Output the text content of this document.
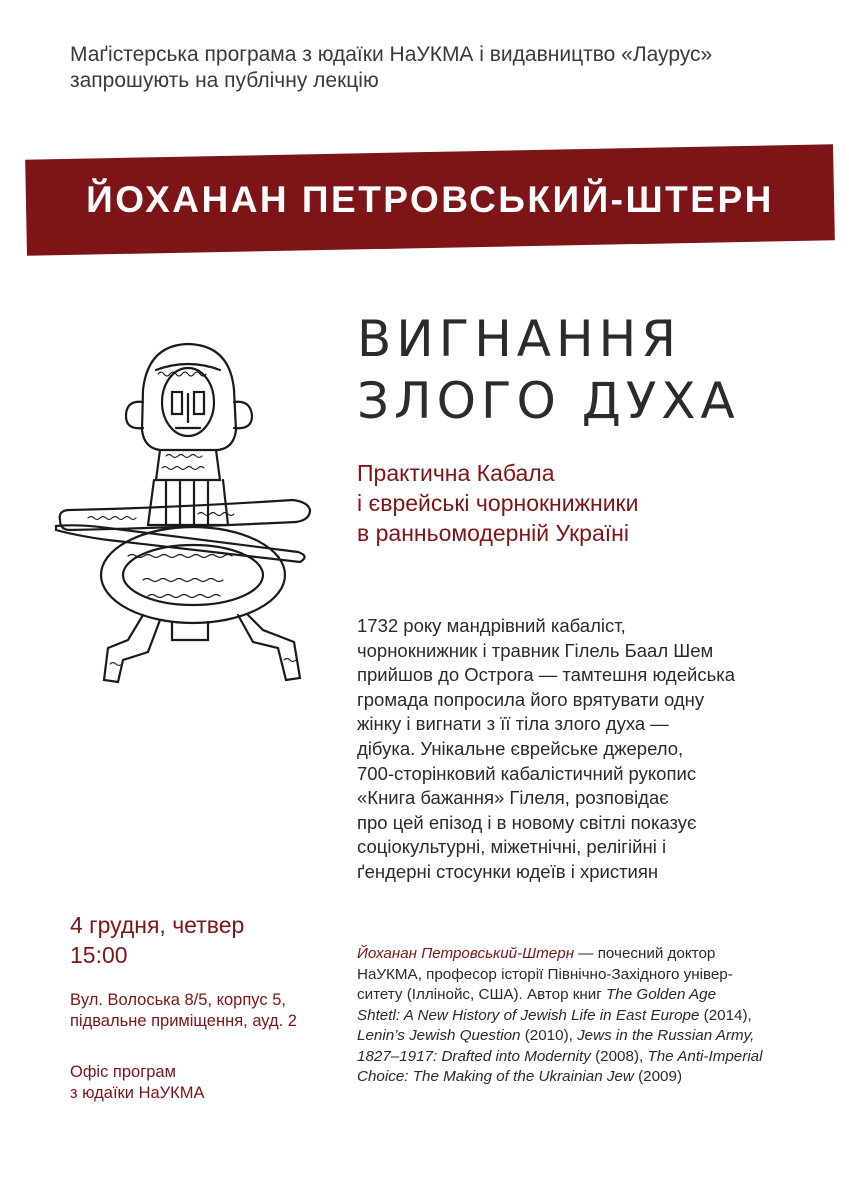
Маґістерська програма з юдаїки НаУКМА і видавництво «Лаурус»
запрошують на публічну лекцію
ЙОХАНАН ПЕТРОВСЬКИЙ-ШТЕРН
ВИГНАННЯ
ЗЛОГО ДУХА
Практична Кабала
і єврейські чорнокнижники
в ранньомодерній Україні
1732 року мандрівний кабаліст,
чорнокнижник і травник Гілель Баал Шем
прийшов до Острога — тамтешня юдейська
громада попросила його врятувати одну
жінку і вигнати з її тіла злого духа —
дібука. Унікальне єврейське джерело,
700-сторінковий кабалістичний рукопис
«Книга бажання» Гілеля, розповідає
про цей епізод і в новому світлі показує
соціокультурні, міжетнічні, релігійні і
ґендерні стосунки юдеїв і християн
4 грудня, четвер
15:00
Вул. Волоська 8/5, корпус 5,
підвальне приміщення, ауд. 2
Офіс програм
з юдаїки НаУКМА
Йоханан Петровський-Штерн — почесний доктор
НаУКМА, професор історії Північно-Західного універ-
ситету (Іллінойс, США). Автор книг The Golden Age
Shtetl: A New History of Jewish Life in East Europe (2014),
Lenin’s Jewish Question (2010), Jews in the Russian Army,
1827–1917: Drafted into Modernity (2008), The Anti-Imperial
Choice: The Making of the Ukrainian Jew (2009)
